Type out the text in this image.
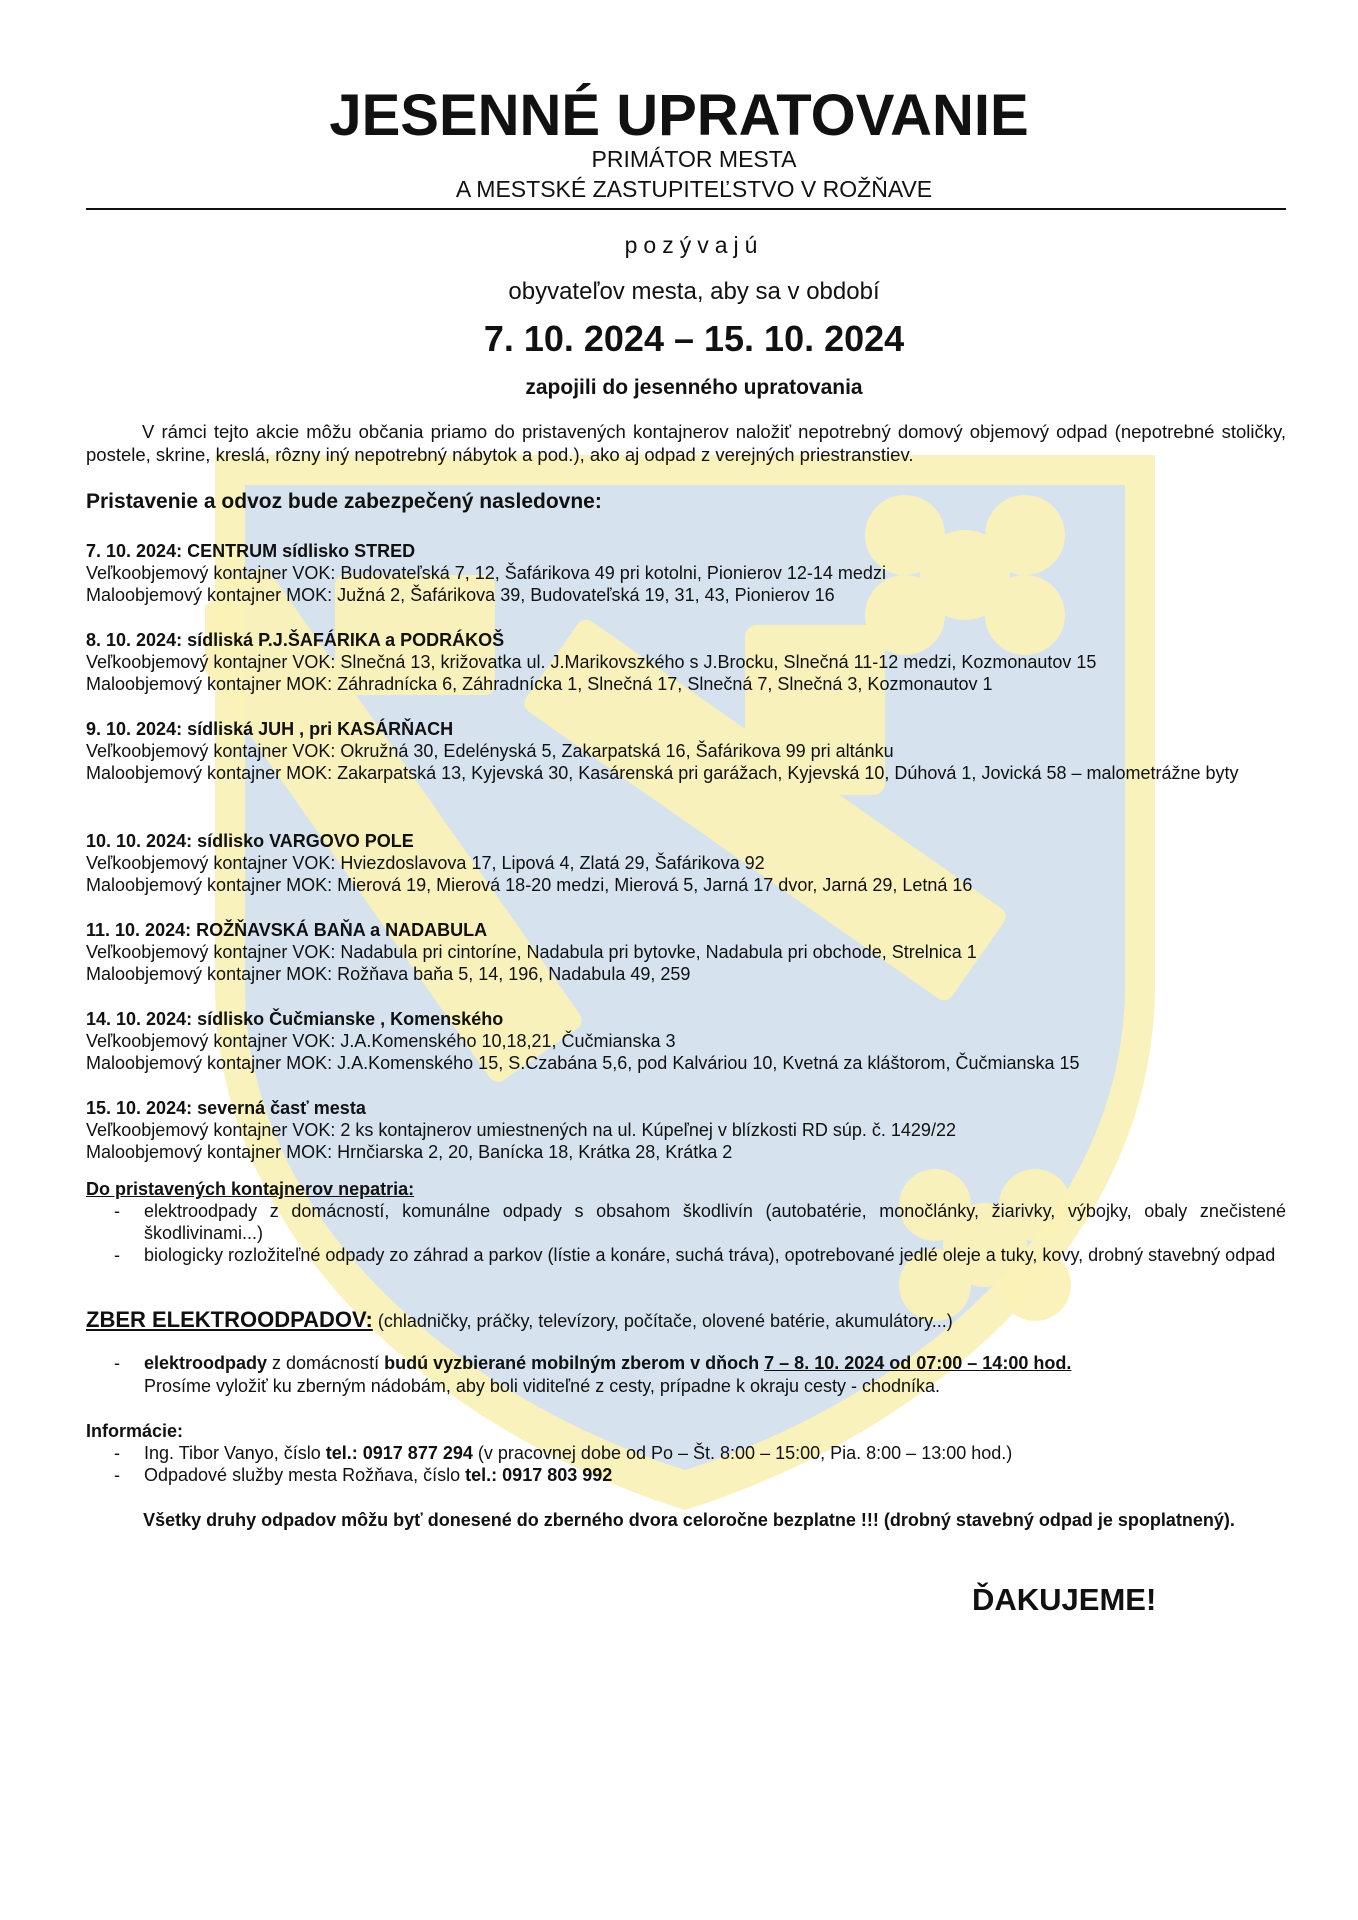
JESENNÉ UPRATOVANIE
PRIMÁTOR MESTA
A MESTSKÉ ZASTUPITEĽSTVO V ROŽŇAVE
pozývajú
obyvateľov mesta, aby sa v období
7. 10. 2024 – 15. 10. 2024
zapojili do jesenného upratovania
V rámci tejto akcie môžu občania priamo do pristavených kontajnerov naložiť nepotrebný domový objemový odpad (nepotrebné stoličky, postele, skrine, kreslá, rôzny iný nepotrebný nábytok a pod.), ako aj odpad z verejných priestranstiev.
Pristavenie a odvoz bude zabezpečený nasledovne:

7. 10. 2024: CENTRUM sídlisko STRED

Veľkoobjemový kontajner VOK: Budovateľská 7, 12, Šafárikova 49 pri kotolni, Pionierov 12-14 medzi

Maloobjemový kontajner MOK: Južná 2, Šafárikova 39, Budovateľská 19, 31, 43, Pionierov 16

8. 10. 2024: sídliská P.J.ŠAFÁRIKA a PODRÁKOŠ

Veľkoobjemový kontajner VOK: Slnečná 13, križovatka ul. J.Marikovszkého s J.Brocku, Slnečná 11-12 medzi, Kozmonautov 15

Maloobjemový kontajner MOK: Záhradnícka 6, Záhradnícka 1, Slnečná 17, Slnečná 7, Slnečná 3, Kozmonautov 1

9. 10. 2024: sídliská JUH , pri KASÁRŇACH

Veľkoobjemový kontajner VOK: Okružná 30, Edelényská 5, Zakarpatská 16, Šafárikova 99 pri altánku

Maloobjemový kontajner MOK: Zakarpatská 13, Kyjevská 30, Kasárenská pri garážach, Kyjevská 10, Dúhová 1, Jovická 58 – malometrážne byty

10. 10. 2024: sídlisko VARGOVO POLE

Veľkoobjemový kontajner VOK: Hviezdoslavova 17, Lipová 4, Zlatá 29, Šafárikova 92

Maloobjemový kontajner MOK: Mierová 19, Mierová 18-20 medzi, Mierová 5, Jarná 17 dvor, Jarná 29, Letná 16

11. 10. 2024: ROŽŇAVSKÁ BAŇA a NADABULA

Veľkoobjemový kontajner VOK: Nadabula pri cintoríne, Nadabula pri bytovke, Nadabula pri obchode, Strelnica 1

Maloobjemový kontajner MOK: Rožňava baňa 5, 14, 196, Nadabula 49, 259

14. 10. 2024: sídlisko Čučmianske , Komenského

Veľkoobjemový kontajner VOK: J.A.Komenského 10,18,21, Čučmianska 3

Maloobjemový kontajner MOK: J.A.Komenského 15, S.Czabána 5,6, pod Kalváriou 10, Kvetná za kláštorom, Čučmianska 15

15. 10. 2024: severná časť mesta

Veľkoobjemový kontajner VOK: 2 ks kontajnerov umiestnených na ul. Kúpeľnej v blízkosti RD súp. č. 1429/22

Maloobjemový kontajner MOK: Hrnčiarska 2, 20, Banícka 18, Krátka 28, Krátka 2

Do pristavených kontajnerov nepatria:
- elektroodpady z domácností, komunálne odpady s obsahom škodlivín (autobatérie, monočlánky, žiarivky, výbojky, obaly znečistené škodlivinami...)
- biologicky rozložiteľné odpady zo záhrad a parkov (lístie a konáre, suchá tráva), opotrebované jedlé oleje a tuky, kovy, drobný stavebný odpad
ZBER ELEKTROODPADOV: (chladničky, práčky, televízory, počítače, olovené batérie, akumulátory...)
- elektroodpady z domácností budú vyzbierané mobilným zberom v dňoch 7 – 8. 10. 2024 od 07:00 – 14:00 hod.
Prosíme vyložiť ku zberným nádobám, aby boli viditeľné z cesty, prípadne k okraju cesty - chodníka.
Informácie:
- Ing. Tibor Vanyo, číslo tel.: 0917 877 294 (v pracovnej dobe od Po – Št. 8:00 – 15:00, Pia. 8:00 – 13:00 hod.)
- Odpadové služby mesta Rožňava, číslo tel.: 0917 803 992
Všetky druhy odpadov môžu byť donesené do zberného dvora celoročne bezplatne !!! (drobný stavebný odpad je spoplatnený).
ĎAKUJEME!
